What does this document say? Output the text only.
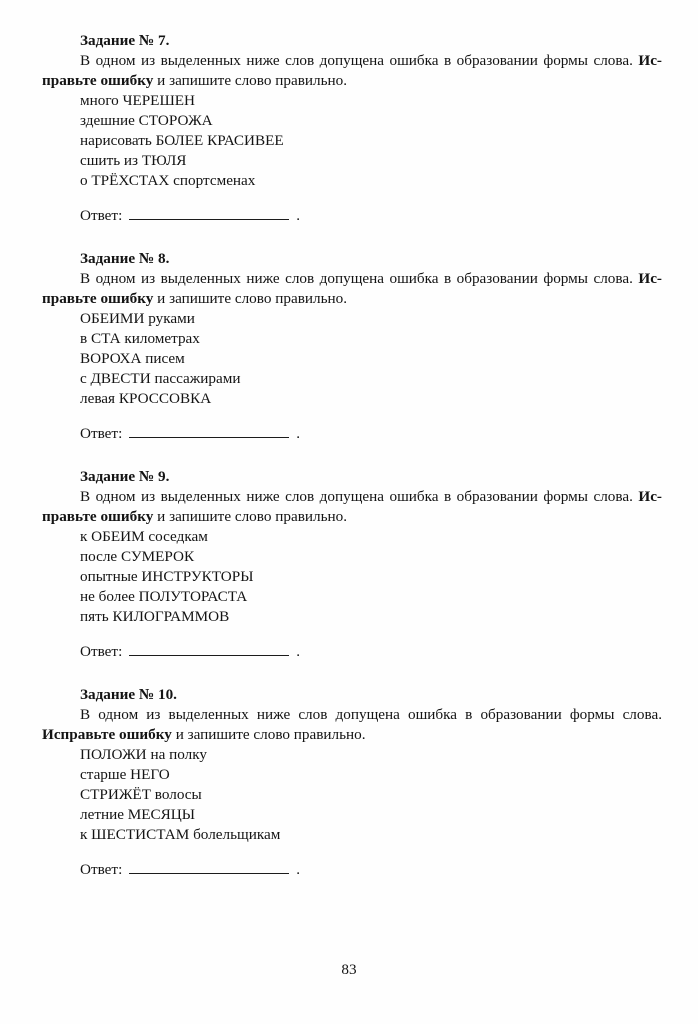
Задание № 7.

В одном из выделенных ниже слов допущена ошибка в образовании формы слова. Ис-
правьте ошибку и запишите слово правильно.

много ЧЕРЕШЕН
здешние СТОРОЖА
нарисовать БОЛЕЕ КРАСИВЕЕ
сшить из ТЮЛЯ
о ТРЁХСТАХ спортсменах
Ответ:	.
Задание № 8.

В одном из выделенных ниже слов допущена ошибка в образовании формы слова. Ис-
правьте ошибку и запишите слово правильно.

ОБЕИМИ руками
в СТА километрах
ВОРОХА писем
с ДВЕСТИ пассажирами
левая КРОССОВКА
Ответ:	.
Задание № 9.

В одном из выделенных ниже слов допущена ошибка в образовании формы слова. Ис-
правьте ошибку и запишите слово правильно.

к ОБЕИМ соседкам
после СУМЕРОК
опытные ИНСТРУКТОРЫ
не более ПОЛУТОРАСТА
пять КИЛОГРАММОВ
Ответ:	.
Задание № 10.

В одном из выделенных ниже слов допущена ошибка в образовании формы слова.
Исправьте ошибку и запишите слово правильно.

ПОЛОЖИ на полку
старше НЕГО
СТРИЖЁТ волосы
летние МЕСЯЦЫ
к ШЕСТИСТАМ болельщикам
Ответ:	.
83
